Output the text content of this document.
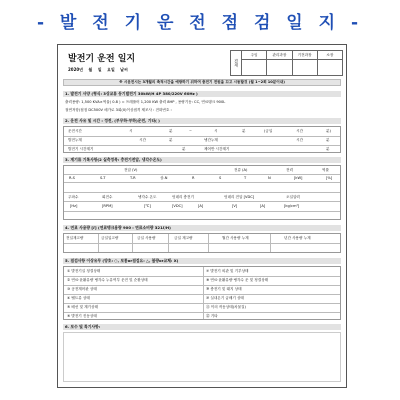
- 발 전 기 운 전 점 검 일 지 -
발전기 운전 일지
2020년 월 일 요일 날씨
결재
주임	관리과장	기전과장	소장
※ 시운전시는 3개월의 축적시간을 예방하기 위하여 충전기 전원을 끄고 시동할것 (월 1~2회 10분이내)
1. 발전기 사양 (형식: 3상교류 동기발전기 30kW/H 4P 380/220V 60Hz )
출력용량: 1,500 KVA×역율( 0.8 ) = 프레풀어 1,200 KW 출력 8HP , 용량기동: CC, 연료탱크 900L
절연저항(접점 DC500V 메가로 3회(0)이상접격 제조사 : 전화번호 :
2. 운전 사유 및 시간 : 정전, (부무하-부하)운전, 기타( )
운전시간	시	분	~	시	분	(금일	시간	분)
발전누계	시간	분	냉간누계	시간	분
발전기 시간계기	분	제어반 시간계기	분
3. 계기류 기록사항(2 실측정목: 충전기전압, 냉각수온도)
전압 (V)	전류 (A)	전력	역률
R-S	S-T	T-R	상-N	R	S	T	N	[kW]	[%]
주파수	회전수	냉각수 온도	엇데리 충전기	엇데리 전압 [VDC]	오일압력
[Hz]	[RPM]	[℃]	[VDC]	[A]	[V]	[A]	[kg/cm²]
4. 연료 사용량 [ℓ] (연료탱크용량 900 : 연료소비량 321ℓ/H)
전일재고량	금일입고량	금일 사용량	금일 재고량	월간 사용량 누계	년간 사용량 누계
5. 점검사항 이상유무 (양호: ○, 보통or점검요: △, 불량or교체: X)
① 발전기실 청결상태	⑦ 발전기 외관 및 기부상태
② 연료·윤활유량 냉각수 누유여부 운전 및 순환상태	⑧ 연료·윤활유량·냉각수 운 및 정결상태
③ 공전계어판 상태	⑨ 충전기 및 래지 상태
④ 벨트류 상태	⑩ 실내온기 급배기 상태
⑤ 배선 및 계기상태	⑪ 이의 작동상태(차물질)
⑥ 발전기 진동상태	⑫ 기타
6. 보수 및 특기사항:
